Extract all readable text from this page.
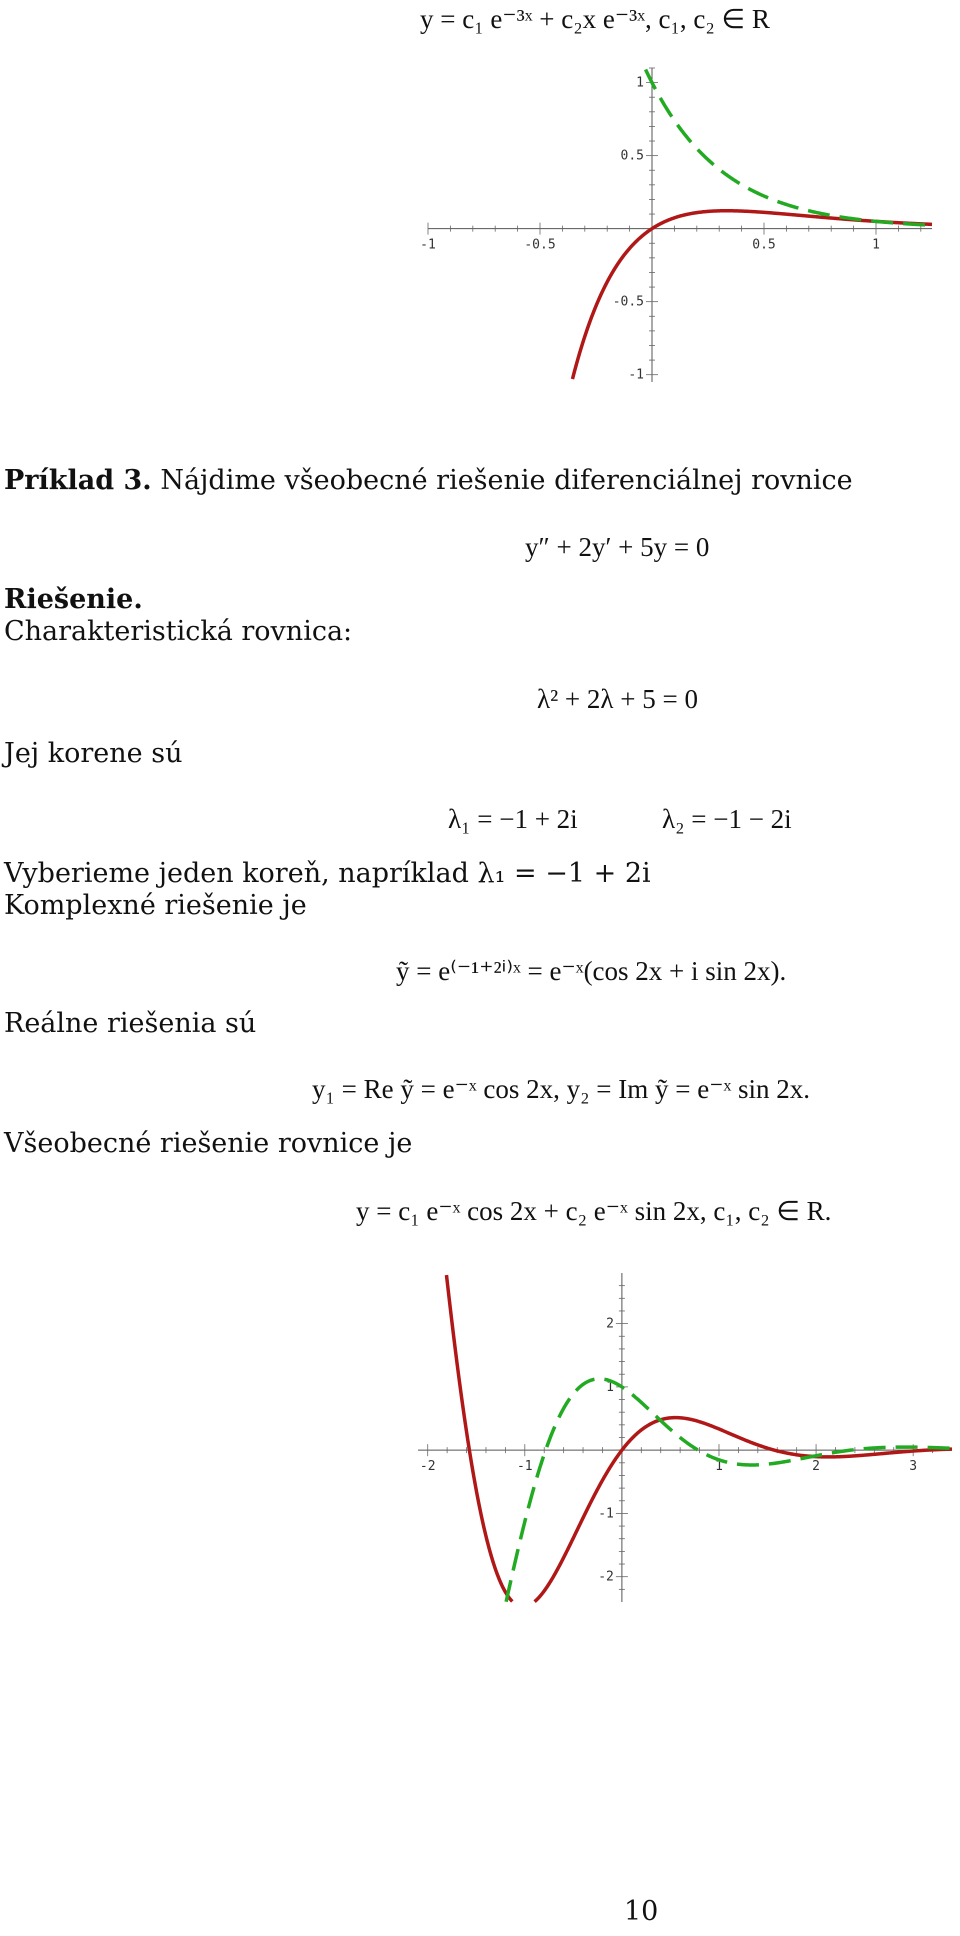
y = c₁ e⁻³ˣ + c₂x e⁻³ˣ, c₁, c₂ ∈ R
-1	-0.5	0.5	1
1
0.5
-0.5
-1
Príklad 3. Nájdime všeobecné riešenie diferenciálnej rovnice
y″ + 2y′ + 5y = 0
Riešenie.
Charakteristická rovnica:
λ² + 2λ + 5 = 0
Jej korene sú
λ₁ = −1 + 2i	λ₂ = −1 − 2i
Vyberieme jeden koreň, napríklad λ₁ = −1 + 2i
Komplexné riešenie je
ỹ = e⁽⁻¹⁺²ⁱ⁾ˣ = e⁻ˣ(cos 2x + i sin 2x).
Reálne riešenia sú
y₁ = Re ỹ = e⁻ˣ cos 2x, y₂ = Im ỹ = e⁻ˣ sin 2x.
Všeobecné riešenie rovnice je
y = c₁ e⁻ˣ cos 2x + c₂ e⁻ˣ sin 2x, c₁, c₂ ∈ R.
-2	-1	1	2	3
2
1
-1
-2
10
